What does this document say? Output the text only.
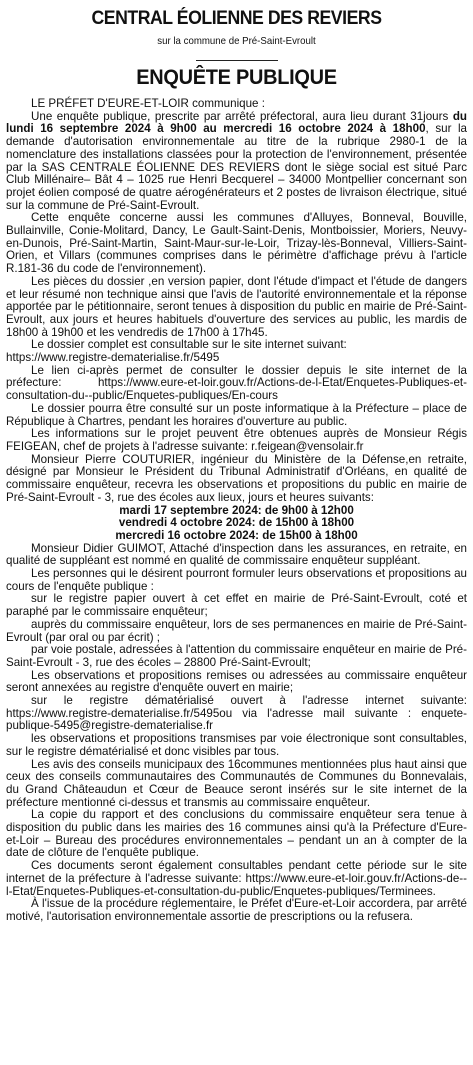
CENTRAL ÉOLIENNE DES REVIERS
sur la commune de Pré-Saint-Evroult
ENQUÊTE PUBLIQUE

LE PRÉFET D'EURE-ET-LOIR communique :

Une enquête publique, prescrite par arrêté préfectoral, aura lieu durant 31jours du lundi 16 septembre 2024 à 9h00 au mercredi 16 octobre 2024 à 18h00, sur la demande d'autorisation environnementale au titre de la rubrique 2980-1 de la nomenclature des installations classées pour la protection de l'environnement, présentée par la SAS CENTRALE ÉOLIENNE DES REVIERS dont le siège social est situé Parc Club Millénaire– Bât 4 – 1025 rue Henri Becquerel – 34000 Montpellier concernant son projet éolien composé de quatre aérogénérateurs et 2 postes de livraison électrique, situé sur la commune de Pré-Saint-Evroult.

Cette enquête concerne aussi les communes d'Alluyes, Bonneval, Bouville, Bullainville, Conie-Molitard, Dancy, Le Gault-Saint-Denis, Montboissier, Moriers, Neuvy-en-Dunois, Pré-Saint-Martin, Saint-Maur-sur-le-Loir, Trizay-lès-Bonneval, Villiers-Saint-Orien, et Villars (communes comprises dans le périmètre d'affichage prévu à l'article R.181-36 du code de l'environnement).

Les pièces du dossier ,en version papier, dont l'étude d'impact et l'étude de dangers et leur résumé non technique ainsi que l'avis de l'autorité environnementale et la réponse apportée par le pétitionnaire, seront tenues à disposition du public en mairie de Pré-Saint-Evroult, aux jours et heures habituels d'ouverture des services au public, les mardis de 18h00 à 19h00 et les vendredis de 17h00 à 17h45.

Le dossier complet est consultable sur le site internet suivant:

https://www.registre-dematerialise.fr/5495

Le lien ci-après permet de consulter le dossier depuis le site internet de la préfecture: https://www.eure-et-loir.gouv.fr/Actions-de-l-Etat/Enquetes-Publiques-et-consultation-du--public/Enquetes-publiques/En-cours

Le dossier pourra être consulté sur un poste informatique à la Préfecture – place de République à Chartres, pendant les horaires d'ouverture au public.

Les informations sur le projet peuvent être obtenues auprès de Monsieur Régis FEIGEAN, chef de projets à l'adresse suivante: r.feigean@vensolair.fr

Monsieur Pierre COUTURIER, ingénieur du Ministère de la Défense,en retraite, désigné par Monsieur le Président du Tribunal Administratif d'Orléans, en qualité de commissaire enquêteur, recevra les observations et propositions du public en mairie de Pré-Saint-Evroult - 3, rue des écoles aux lieux, jours et heures suivants:

mardi 17 septembre 2024: de 9h00 à 12h00
vendredi 4 octobre 2024: de 15h00 à 18h00
mercredi 16 octobre 2024: de 15h00 à 18h00

Monsieur Didier GUIMOT, Attaché d'inspection dans les assurances, en retraite, en qualité de suppléant est nommé en qualité de commissaire enquêteur suppléant.

Les personnes qui le désirent pourront formuler leurs observations et propositions au cours de l'enquête publique :

sur le registre papier ouvert à cet effet en mairie de Pré-Saint-Evroult, coté et paraphé par le commissaire enquêteur;

auprès du commissaire enquêteur, lors de ses permanences en mairie de Pré-Saint-Evroult (par oral ou par écrit) ;

par voie postale, adressées à l'attention du commissaire enquêteur en mairie de Pré-Saint-Evroult - 3, rue des écoles – 28800 Pré-Saint-Evroult;

Les observations et propositions remises ou adressées au commissaire enquêteur seront annexées au registre d'enquête ouvert en mairie;

sur le registre dématérialisé ouvert à l'adresse internet suivante: https://www.registre-dematerialise.fr/5495ou via l'adresse mail suivante : enquete-publique-5495@registre-dematerialise.fr

les observations et propositions transmises par voie électronique sont consultables, sur le registre dématérialisé et donc visibles par tous.

Les avis des conseils municipaux des 16communes mentionnées plus haut ainsi que ceux des conseils communautaires des Communautés de Communes du Bonnevalais, du Grand Châteaudun et Cœur de Beauce seront insérés sur le site internet de la préfecture mentionné ci-dessus et transmis au commissaire enquêteur.

La copie du rapport et des conclusions du commissaire enquêteur sera tenue à disposition du public dans les mairies des 16 communes ainsi qu'à la Préfecture d'Eure-et-Loir – Bureau des procédures environnementales – pendant un an à compter de la date de clôture de l'enquête publique.

Ces documents seront également consultables pendant cette période sur le site internet de la préfecture à l'adresse suivante: https://www.eure-et-loir.gouv.fr/Actions-de--l-Etat/Enquetes-Publiques-et-consultation-du-public/Enquetes-publiques/Terminees.

À l'issue de la procédure réglementaire, le Préfet d'Eure-et-Loir accordera, par arrêté motivé, l'autorisation environnementale assortie de prescriptions ou la refusera.
